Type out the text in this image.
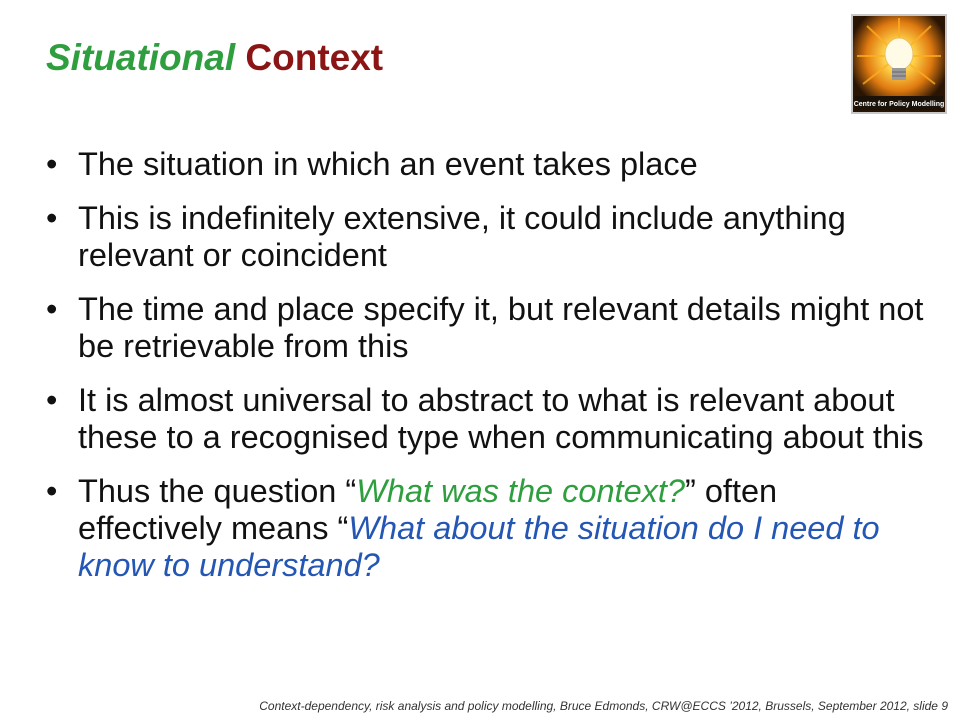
Situational Context
Centre for Policy Modelling
• The situation in which an event takes place
• This is indefinitely extensive, it could include anything relevant or coincident
• The time and place specify it, but relevant details might not be retrievable from this
• It is almost universal to abstract to what is relevant about these to a recognised type when communicating about this
• Thus the question “What was the context?” often effectively means “What about the situation do I need to know to understand?
Context-dependency, risk analysis and policy modelling, Bruce Edmonds, CRW@ECCS ’2012, Brussels, September 2012, slide 9
